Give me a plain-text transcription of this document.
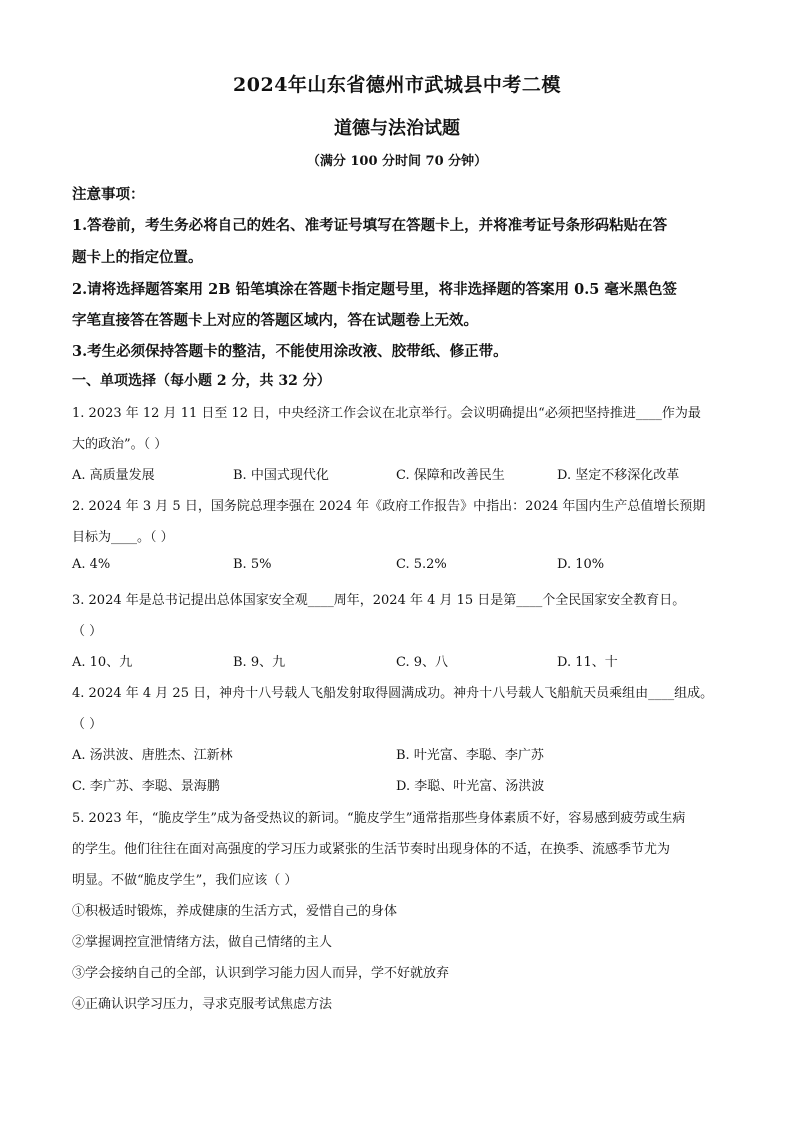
2024年山东省德州市武城县中考二模
道德与法治试题
（满分 100 分时间 70 分钟）
注意事项：
1.答卷前，考生务必将自己的姓名、准考证号填写在答题卡上，并将准考证号条形码粘贴在答
题卡上的指定位置。
2.请将选择题答案用 2B 铅笔填涂在答题卡指定题号里，将非选择题的答案用 0.5 毫米黑色签
字笔直接答在答题卡上对应的答题区域内，答在试题卷上无效。
3.考生必须保持答题卡的整洁，不能使用涂改液、胶带纸、修正带。
一、单项选择（每小题 2 分，共 32 分）
1. 2023 年 12 月 11 日至 12 日，中央经济工作会议在北京举行。会议明确提出“必须把坚持推进____作为最
大的政治”。（ ）
A. 高质量发展	B. 中国式现代化	C. 保障和改善民生	D. 坚定不移深化改革
2. 2024 年 3 月 5 日，国务院总理李强在 2024 年《政府工作报告》中指出：2024 年国内生产总值增长预期
目标为____。（ ）
A. 4%	B. 5%	C. 5.2%	D. 10%
3. 2024 年是总书记提出总体国家安全观____周年，2024 年 4 月 15 日是第____个全民国家安全教育日。
（ ）
A. 10、九	B. 9、九	C. 9、八	D. 11、十
4. 2024 年 4 月 25 日，神舟十八号载人飞船发射取得圆满成功。神舟十八号载人飞船航天员乘组由____组成。
（ ）
A. 汤洪波、唐胜杰、江新林	B. 叶光富、李聪、李广苏
C. 李广苏、李聪、景海鹏	D. 李聪、叶光富、汤洪波
5. 2023 年，“脆皮学生”成为备受热议的新词。“脆皮学生”通常指那些身体素质不好，容易感到疲劳或生病
的学生。他们往往在面对高强度的学习压力或紧张的生活节奏时出现身体的不适，在换季、流感季节尤为
明显。不做“脆皮学生”，我们应该（ ）
①积极适时锻炼，养成健康的生活方式，爱惜自己的身体
②掌握调控宣泄情绪方法，做自己情绪的主人
③学会接纳自己的全部，认识到学习能力因人而异，学不好就放弃
④正确认识学习压力，寻求克服考试焦虑方法
